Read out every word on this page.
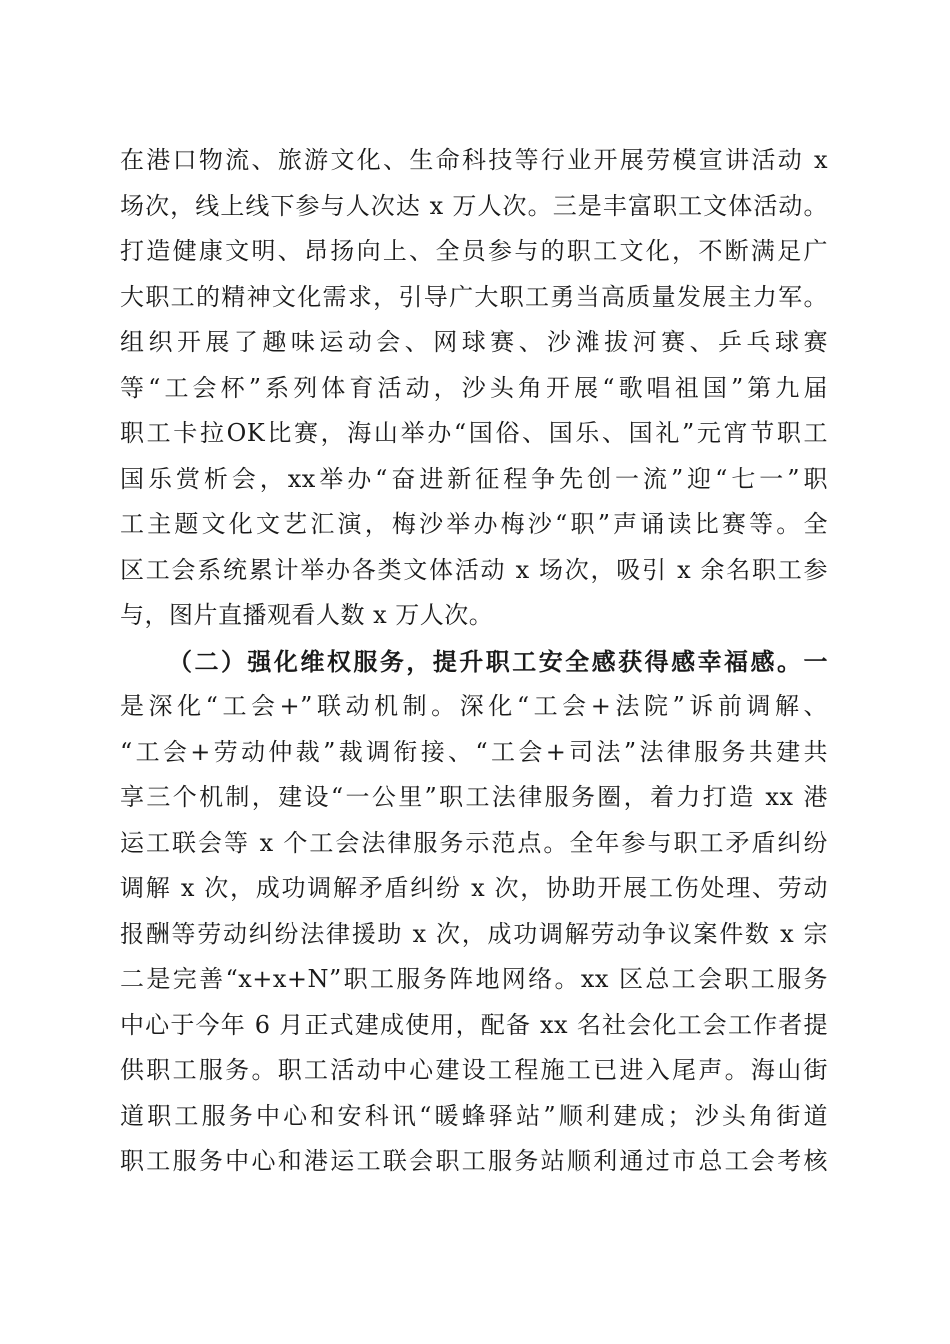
在港口物流、旅游文化、生命科技等行业开展劳模宣讲活动 x
场次，线上线下参与人次达 x 万人次。三是丰富职工文体活动。
打造健康文明、昂扬向上、全员参与的职工文化，不断满足广
大职工的精神文化需求，引导广大职工勇当高质量发展主力军。
组织开展了趣味运动会、网球赛、沙滩拔河赛、乒乓球赛
等“工会杯”系列体育活动，沙头角开展“歌唱祖国”第九届
职工卡拉OK比赛，海山举办“国俗、国乐、国礼”元宵节职工
国乐赏析会，xx举办“奋进新征程争先创一流”迎“七一”职
工主题文化文艺汇演，梅沙举办梅沙“职”声诵读比赛等。全
区工会系统累计举办各类文体活动 x 场次，吸引 x 余名职工参
与，图片直播观看人数 x 万人次。
（二）强化维权服务，提升职工安全感获得感幸福感。一
是深化“工会+”联动机制。深化“工会+法院”诉前调解、
“工会+劳动仲裁”裁调衔接、“工会+司法”法律服务共建共
享三个机制，建设“一公里”职工法律服务圈，着力打造 xx 港
运工联会等 x 个工会法律服务示范点。全年参与职工矛盾纠纷
调解 x 次，成功调解矛盾纠纷 x 次，协助开展工伤处理、劳动
报酬等劳动纠纷法律援助 x 次，成功调解劳动争议案件数 x 宗
二是完善“x+x+N”职工服务阵地网络。xx 区总工会职工服务
中心于今年 6 月正式建成使用，配备 xx 名社会化工会工作者提
供职工服务。职工活动中心建设工程施工已进入尾声。海山街
道职工服务中心和安科讯“暖蜂驿站”顺利建成；沙头角街道
职工服务中心和港运工联会职工服务站顺利通过市总工会考核
